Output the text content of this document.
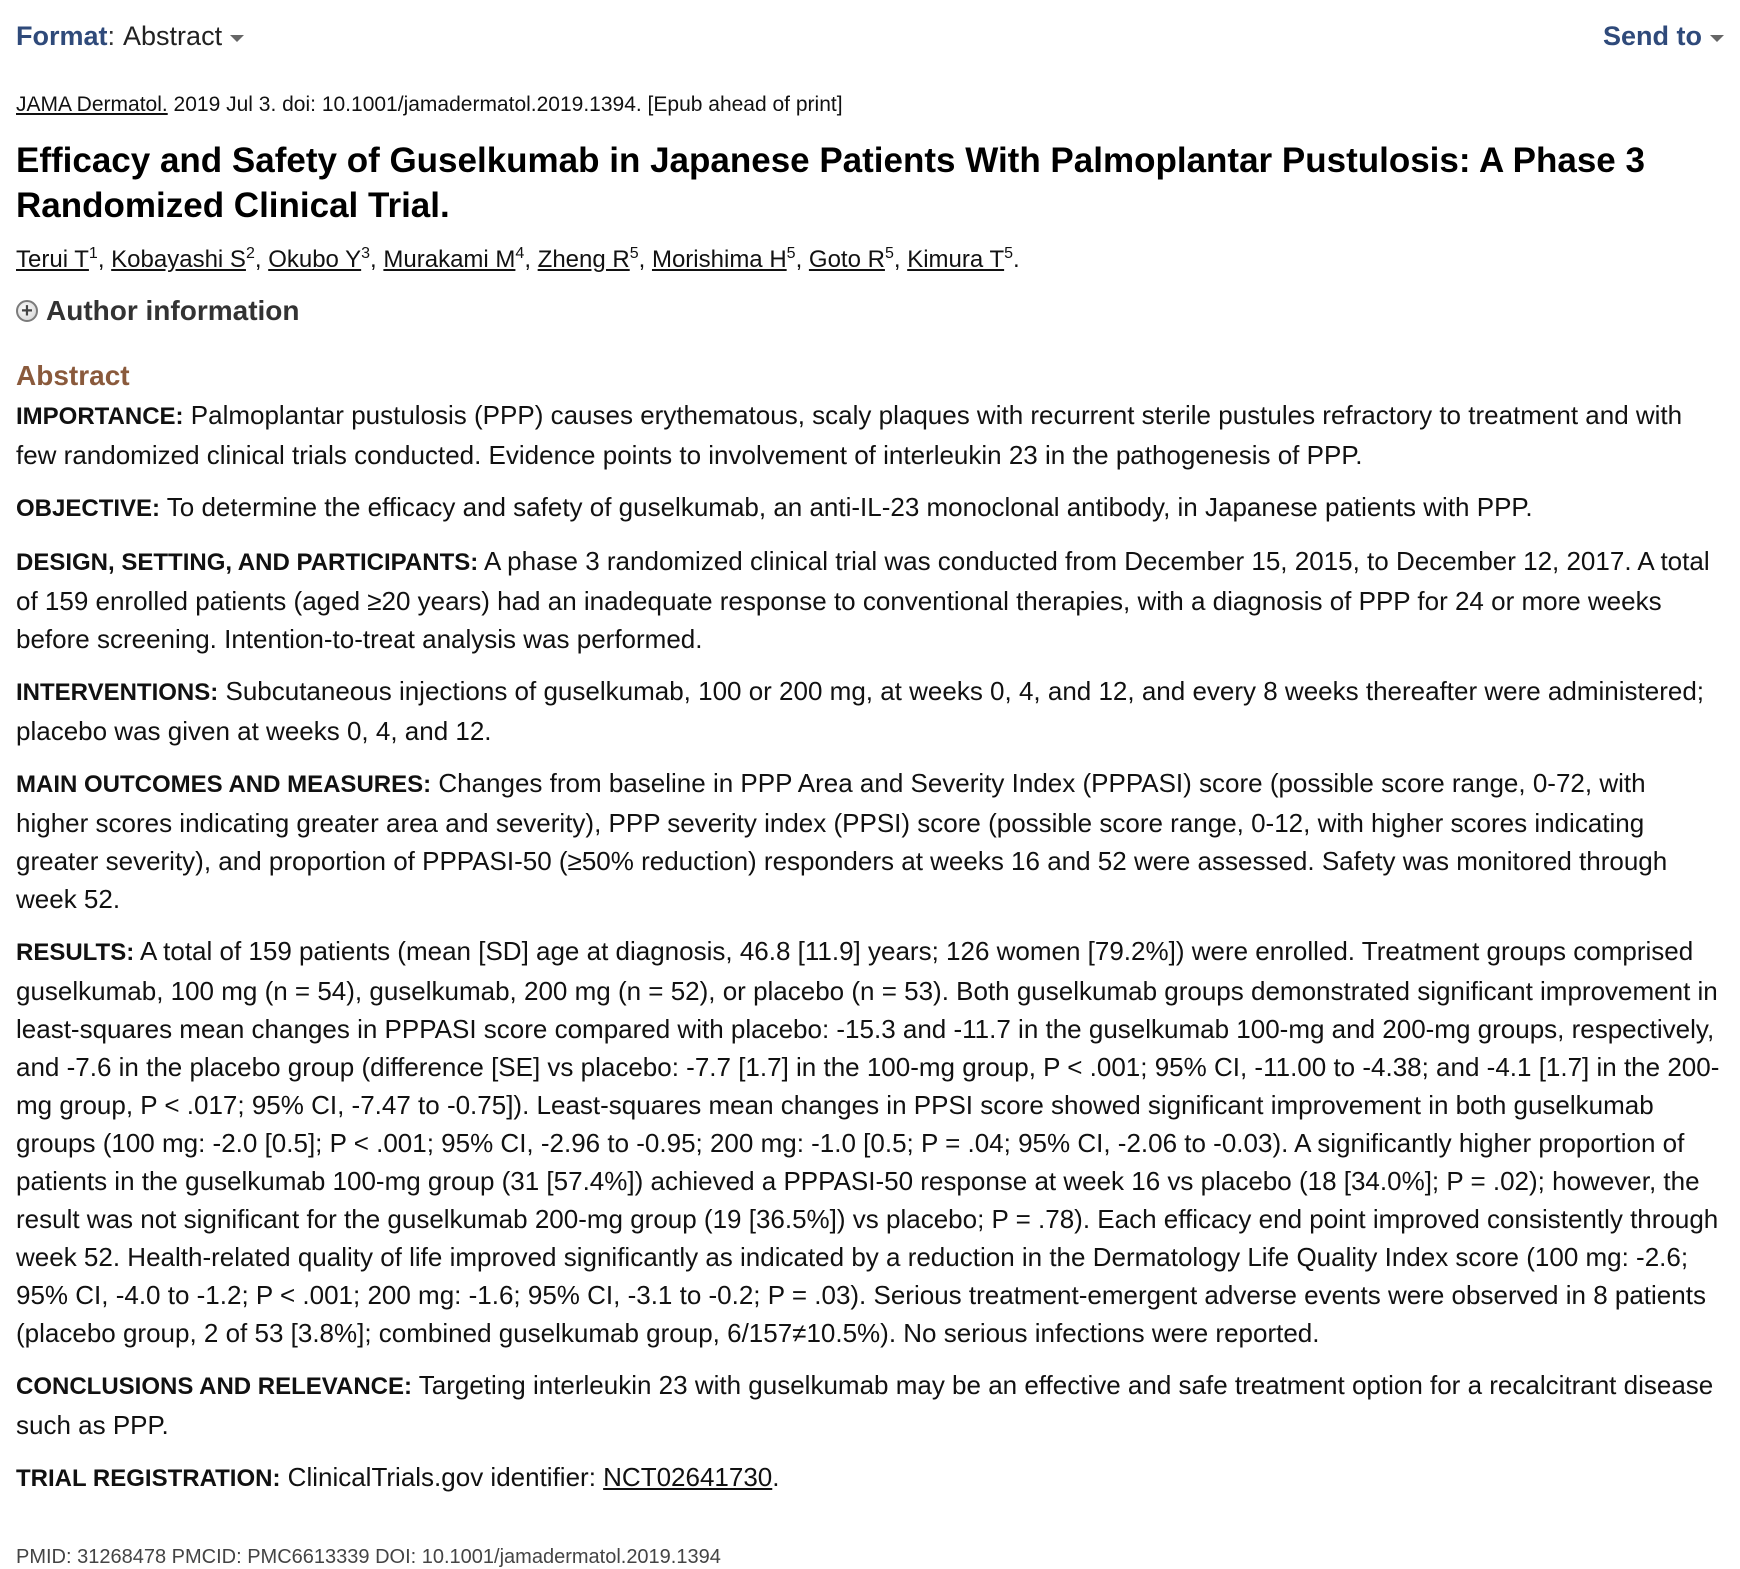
Format : Abstract	Send to
JAMA Dermatol. 2019 Jul 3. doi: 10.1001/jamadermatol.2019.1394. [Epub ahead of print]
Efficacy and Safety of Guselkumab in Japanese Patients With Palmoplantar Pustulosis: A Phase 3 Randomized Clinical Trial.
Terui $T^1$, Kobayashi $S^2$, Okubo $Y^3$, Murakami $M^4$, Zheng $R^5$, Morishima $H^5$, Goto $R^5$, Kimura $T^5$.
+ Author information
Abstract

IMPORTANCE: Palmoplantar pustulosis (PPP) causes erythematous, scaly plaques with recurrent sterile pustules refractory to treatment and with few randomized clinical trials conducted. Evidence points to involvement of interleukin 23 in the pathogenesis of PPP.

OBJECTIVE: To determine the efficacy and safety of guselkumab, an anti-IL-23 monoclonal antibody, in Japanese patients with PPP.

DESIGN, SETTING, AND PARTICIPANTS: A phase 3 randomized clinical trial was conducted from December 15, 2015, to December 12, 2017. A total of 159 enrolled patients (aged ≥20 years) had an inadequate response to conventional therapies, with a diagnosis of PPP for 24 or more weeks before screening. Intention-to-treat analysis was performed.

INTERVENTIONS: Subcutaneous injections of guselkumab, 100 or 200 mg, at weeks 0, 4, and 12, and every 8 weeks thereafter were administered; placebo was given at weeks 0, 4, and 12.

MAIN OUTCOMES AND MEASURES: Changes from baseline in PPP Area and Severity Index (PPPASI) score (possible score range, 0-72, with higher scores indicating greater area and severity), PPP severity index (PPSI) score (possible score range, 0-12, with higher scores indicating greater severity), and proportion of PPPASI-50 (≥50% reduction) responders at weeks 16 and 52 were assessed. Safety was monitored through week 52.

RESULTS: A total of 159 patients (mean [SD] age at diagnosis, 46.8 [11.9] years; 126 women [79.2%]) were enrolled. Treatment groups comprised guselkumab, 100 mg (n = 54), guselkumab, 200 mg (n = 52), or placebo (n = 53). Both guselkumab groups demonstrated significant improvement in least-squares mean changes in PPPASI score compared with placebo: -15.3 and -11.7 in the guselkumab 100-mg and 200-mg groups, respectively, and -7.6 in the placebo group (difference [SE] vs placebo: -7.7 [1.7] in the 100-mg group, P < .001; 95% CI, -11.00 to -4.38; and -4.1 [1.7] in the 200-mg group, P < .017; 95% CI, -7.47 to -0.75]). Least-squares mean changes in PPSI score showed significant improvement in both guselkumab groups (100 mg: -2.0 [0.5]; P < .001; 95% CI, -2.96 to -0.95; 200 mg: -1.0 [0.5; P = .04; 95% CI, -2.06 to -0.03). A significantly higher proportion of patients in the guselkumab 100-mg group (31 [57.4%]) achieved a PPPASI-50 response at week 16 vs placebo (18 [34.0%]; P = .02); however, the result was not significant for the guselkumab 200-mg group (19 [36.5%]) vs placebo; P = .78). Each efficacy end point improved consistently through week 52. Health-related quality of life improved significantly as indicated by a reduction in the Dermatology Life Quality Index score (100 mg: -2.6; 95% CI, -4.0 to -1.2; P < .001; 200 mg: -1.6; 95% CI, -3.1 to -0.2; P = .03). Serious treatment-emergent adverse events were observed in 8 patients (placebo group, 2 of 53 [3.8%]; combined guselkumab group, 6/157≠10.5%). No serious infections were reported.

CONCLUSIONS AND RELEVANCE: Targeting interleukin 23 with guselkumab may be an effective and safe treatment option for a recalcitrant disease such as PPP.

TRIAL REGISTRATION: ClinicalTrials.gov identifier: NCT02641730.

PMID: 31268478 PMCID: PMC6613339 DOI: 10.1001/jamadermatol.2019.1394
